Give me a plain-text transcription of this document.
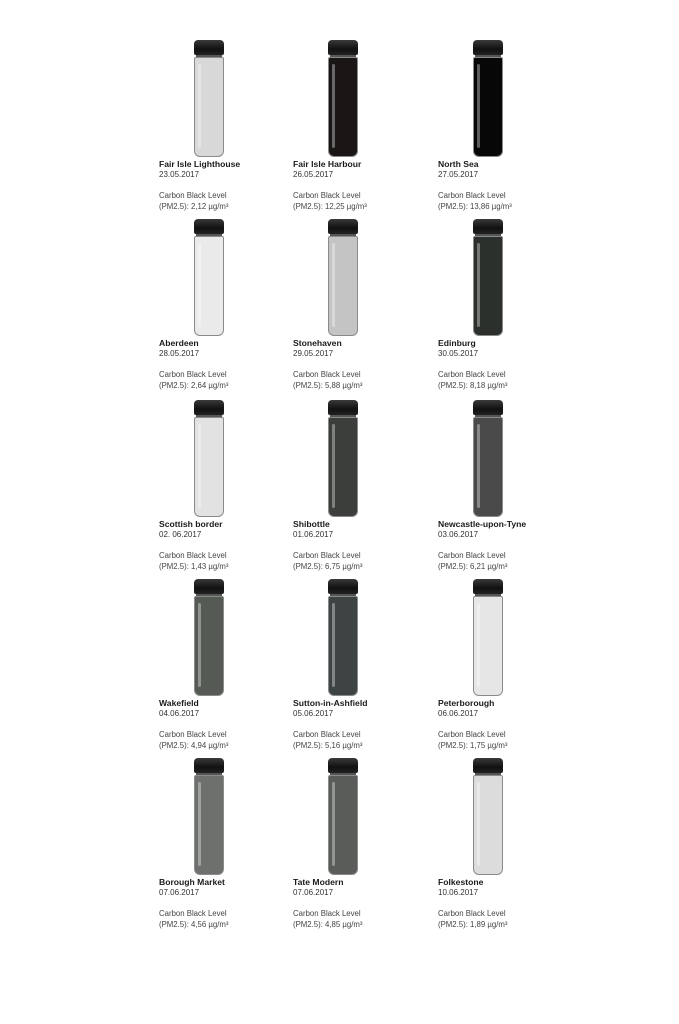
Fair Isle Lighthouse
23.05.2017
Carbon Black Level
(PM2.5): 2,12 µg/m³
Fair Isle Harbour
26.05.2017
Carbon Black Level
(PM2.5): 12,25 µg/m³
North Sea
27.05.2017
Carbon Black Level
(PM2.5): 13,86 µg/m³
Aberdeen
28.05.2017
Carbon Black Level
(PM2.5): 2,64 µg/m³
Stonehaven
29.05.2017
Carbon Black Level
(PM2.5): 5,88 µg/m³
Edinburg
30.05.2017
Carbon Black Level
(PM2.5): 8,18 µg/m³
Scottish border
02. 06.2017
Carbon Black Level
(PM2.5): 1,43 µg/m³
Shibottle
01.06.2017
Carbon Black Level
(PM2.5): 6,75 µg/m³
Newcastle-upon-Tyne
03.06.2017
Carbon Black Level
(PM2.5): 6,21 µg/m³
Wakefield
04.06.2017
Carbon Black Level
(PM2.5): 4,94 µg/m³
Sutton-in-Ashfield
05.06.2017
Carbon Black Level
(PM2.5): 5,16 µg/m³
Peterborough
06.06.2017
Carbon Black Level
(PM2.5): 1,75 µg/m³
Borough Market
07.06.2017
Carbon Black Level
(PM2.5): 4,56 µg/m³
Tate Modern
07.06.2017
Carbon Black Level
(PM2.5): 4,85 µg/m³
Folkestone
10.06.2017
Carbon Black Level
(PM2.5): 1,89 µg/m³
